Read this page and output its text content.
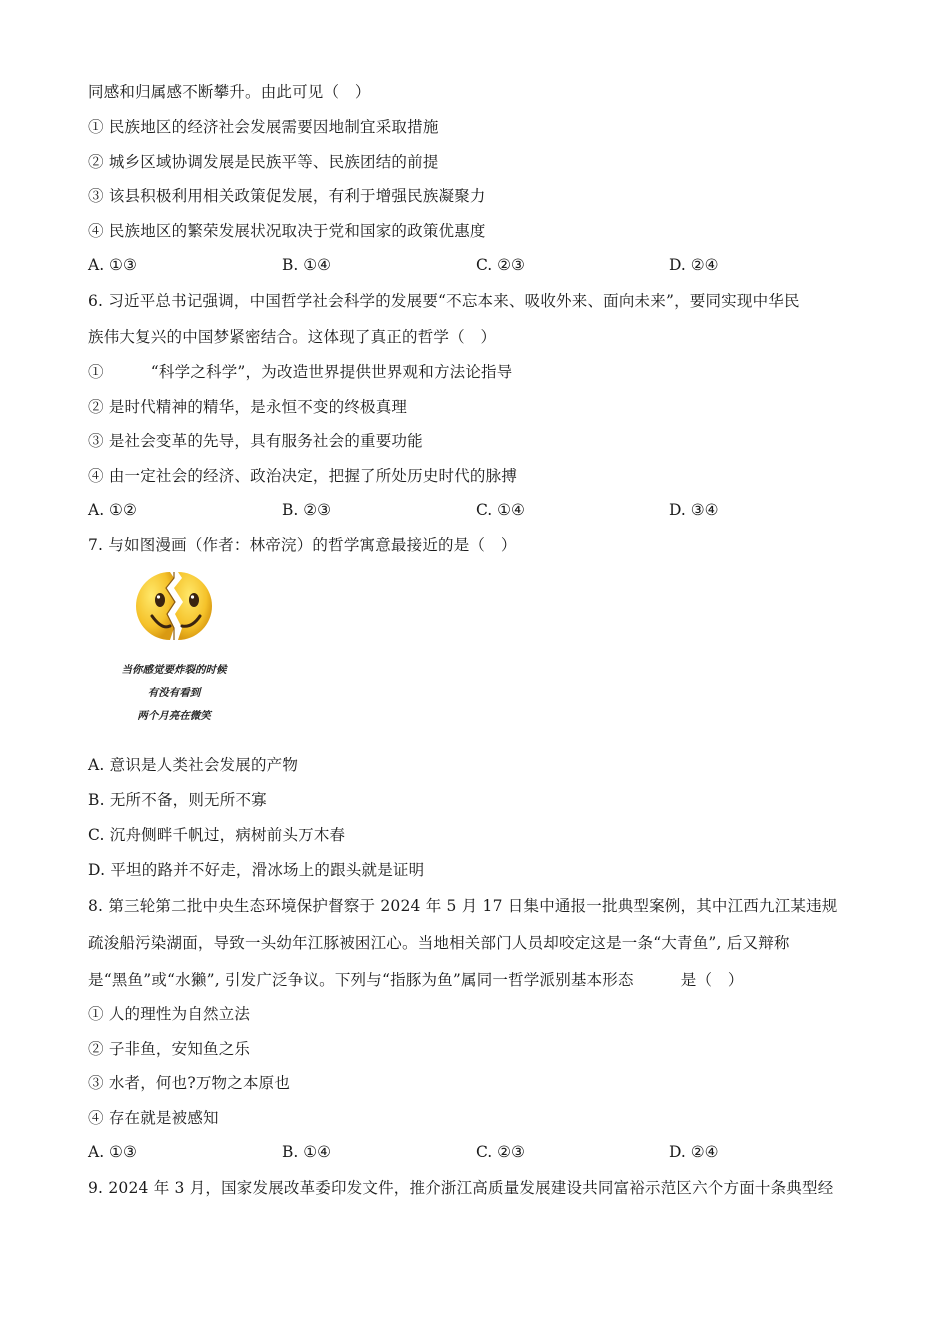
同感和归属感不断攀升。由此可见（　）
① 民族地区的经济社会发展需要因地制宜采取措施
② 城乡区域协调发展是民族平等、民族团结的前提
③ 该县积极利用相关政策促发展，有利于增强民族凝聚力
④ 民族地区的繁荣发展状况取决于党和国家的政策优惠度
A. ①③	B. ①④	C. ②③	D. ②④
6. 习近平总书记强调，中国哲学社会科学的发展要“不忘本来、吸收外来、面向未来”，要同实现中华民
族伟大复兴的中国梦紧密结合。这体现了真正的哲学（　）
①　　　“科学之科学”，为改造世界提供世界观和方法论指导
② 是时代精神的精华，是永恒不变的终极真理
③ 是社会变革的先导，具有服务社会的重要功能
④ 由一定社会的经济、政治决定，把握了所处历史时代的脉搏
A. ①②	B. ②③	C. ①④	D. ③④
7. 与如图漫画（作者：林帝浣）的哲学寓意最接近的是（　）
当你感觉要炸裂的时候
有没有看到
两个月亮在微笑
A. 意识是人类社会发展的产物
B. 无所不备，则无所不寡
C. 沉舟侧畔千帆过，病树前头万木春
D. 平坦的路并不好走，滑冰场上的跟头就是证明
8. 第三轮第二批中央生态环境保护督察于 2024 年 5 月 17 日集中通报一批典型案例，其中江西九江某违规
疏浚船污染湖面，导致一头幼年江豚被困江心。当地相关部门人员却咬定这是一条“大青鱼”, 后又辩称
是“黑鱼”或“水獭”, 引发广泛争议。下列与“指豚为鱼”属同一哲学派别基本形态　　　是（　）
① 人的理性为自然立法
② 子非鱼，安知鱼之乐
③ 水者，何也?万物之本原也
④ 存在就是被感知
A. ①③	B. ①④	C. ②③	D. ②④
9. 2024 年 3 月，国家发展改革委印发文件，推介浙江高质量发展建设共同富裕示范区六个方面十条典型经
